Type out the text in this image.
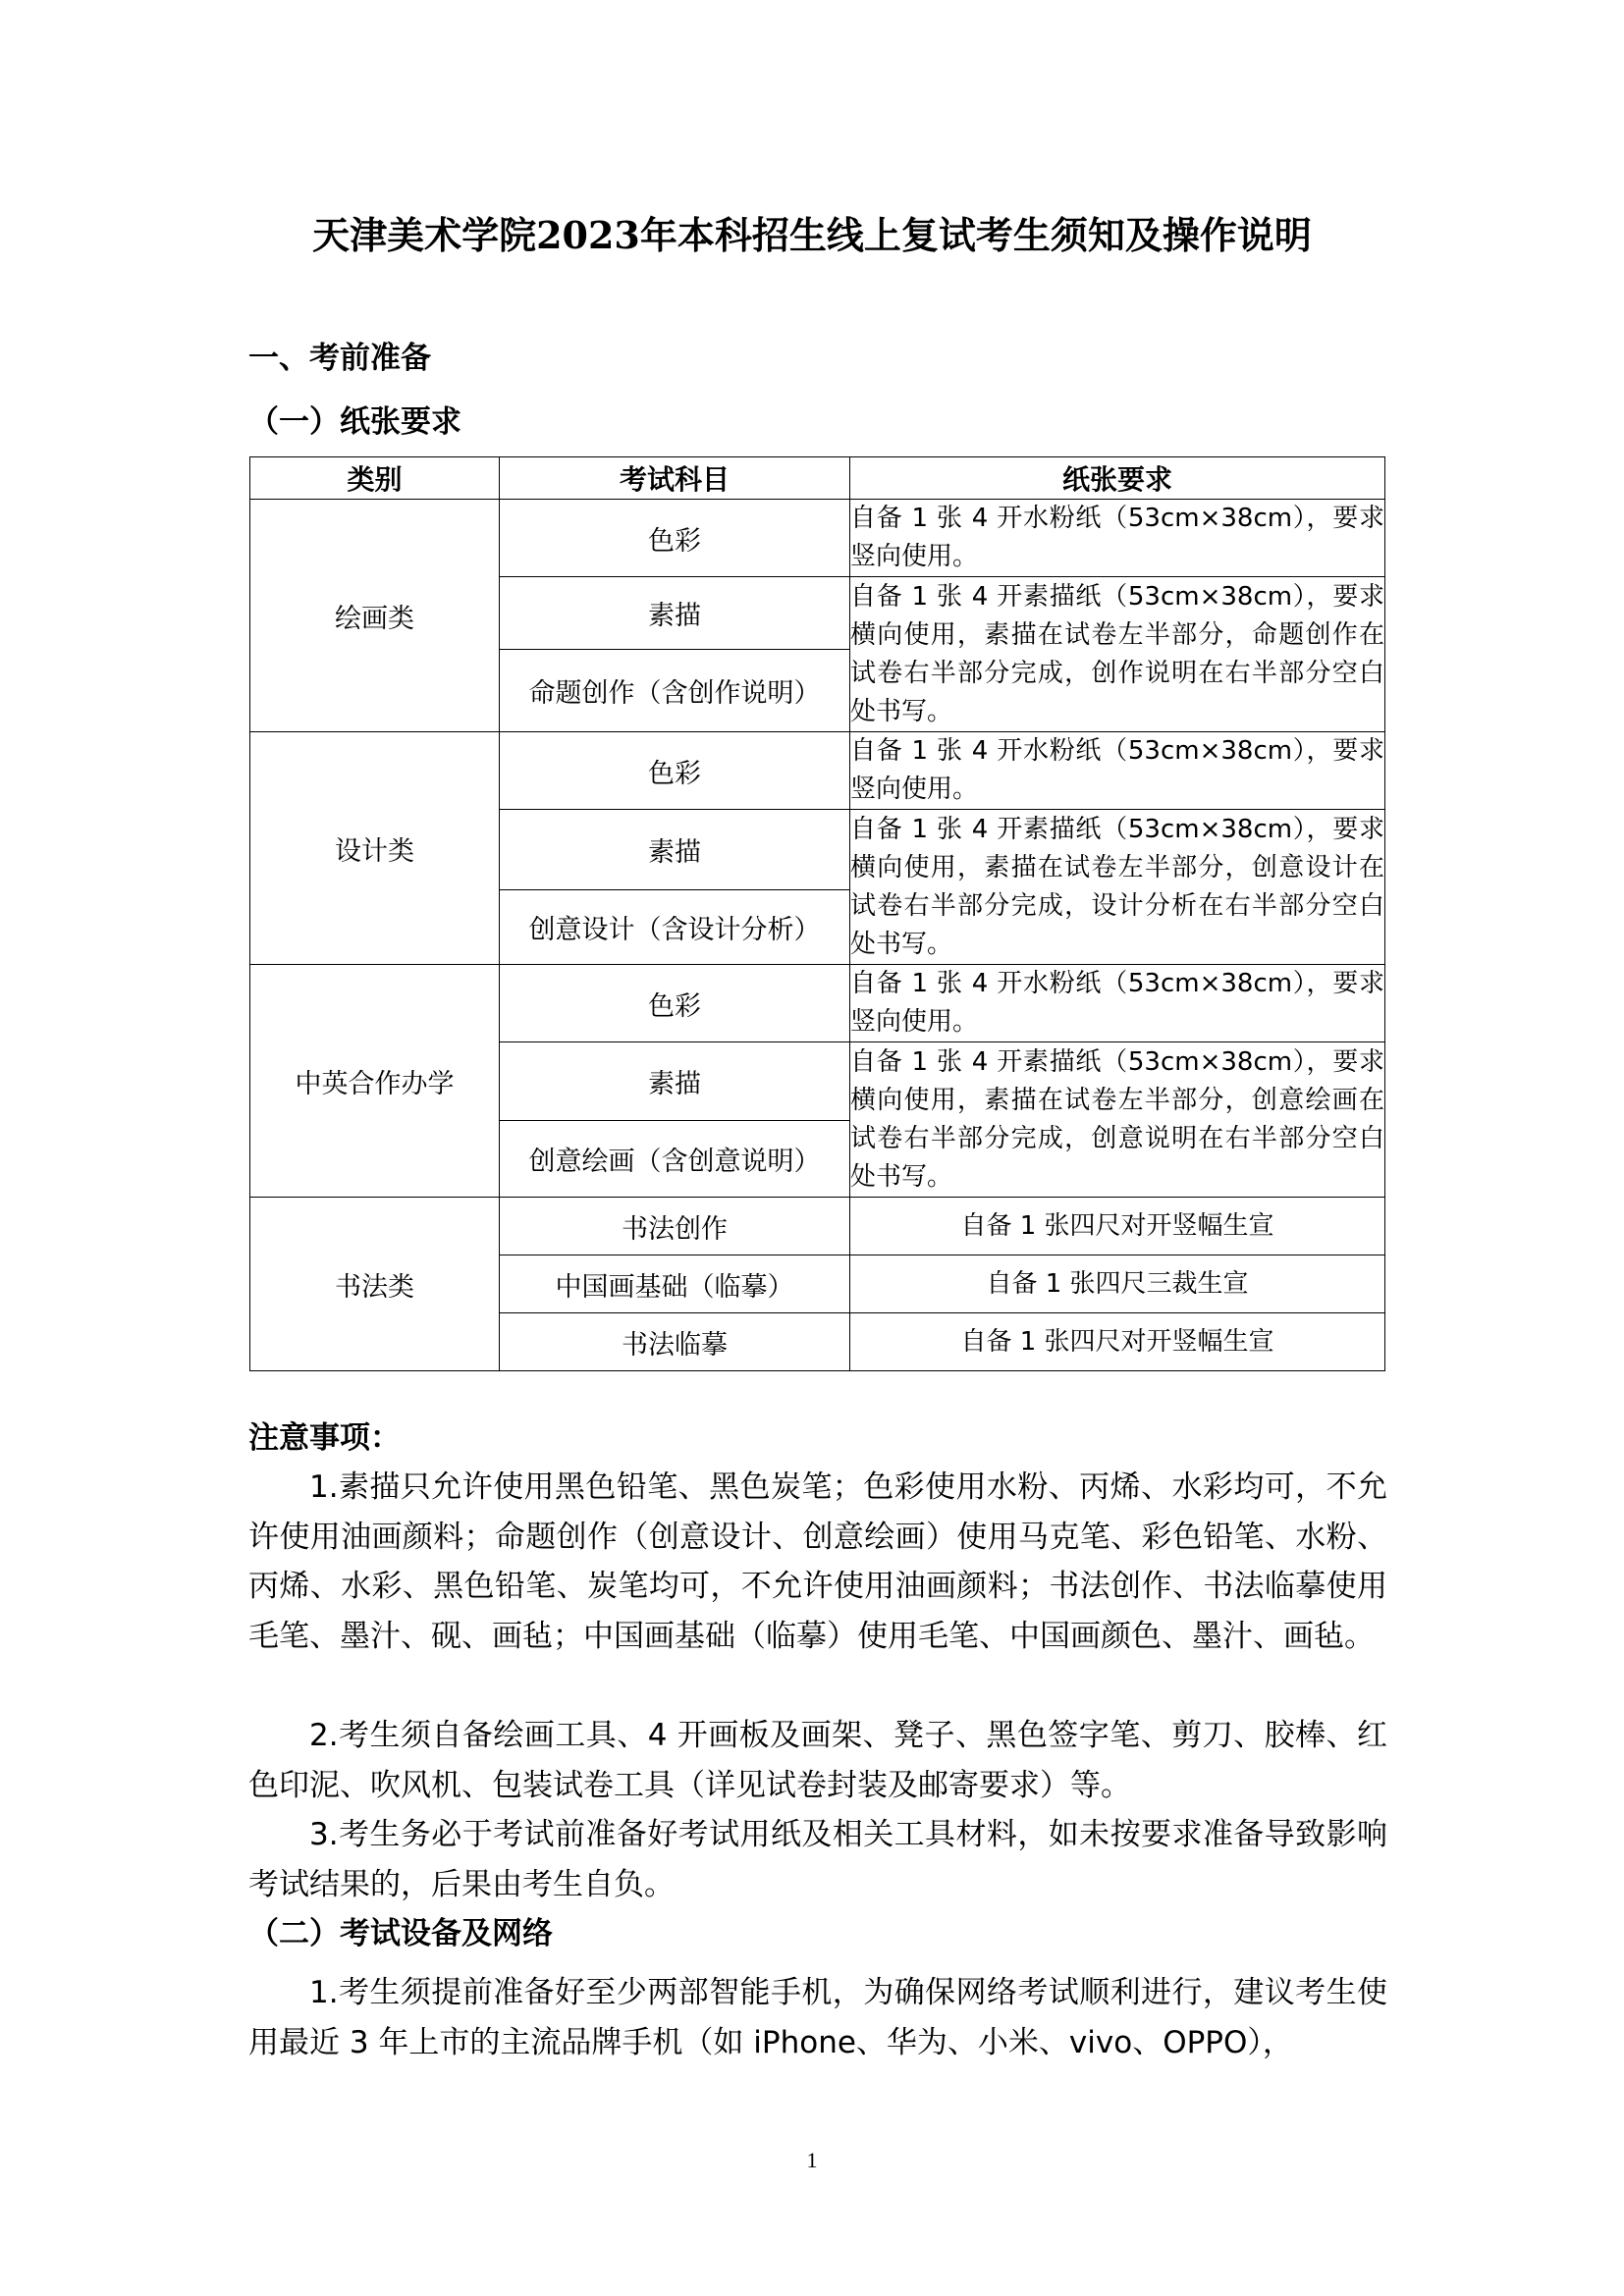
天津美术学院2023年本科招生线上复试考生须知及操作说明
一、考前准备
（一）纸张要求
类别	考试科目	纸张要求
绘画类	色彩	自备 1 张 4 开水粉纸（53cm×38cm），要求竖向使用。
	素描	自备 1 张 4 开素描纸（53cm×38cm），要求横向使用，素描在试卷左半部分，命题创作在试卷右半部分完成，创作说明在右半部分空白处书写。
	命题创作（含创作说明）	
设计类	色彩	自备 1 张 4 开水粉纸（53cm×38cm），要求竖向使用。
	素描	自备 1 张 4 开素描纸（53cm×38cm），要求横向使用，素描在试卷左半部分，创意设计在试卷右半部分完成，设计分析在右半部分空白处书写。
	创意设计（含设计分析）	
中英合作办学	色彩	自备 1 张 4 开水粉纸（53cm×38cm），要求竖向使用。
	素描	自备 1 张 4 开素描纸（53cm×38cm），要求横向使用，素描在试卷左半部分，创意绘画在试卷右半部分完成，创意说明在右半部分空白处书写。
	创意绘画（含创意说明）	
书法类	书法创作	自备 1 张四尺对开竖幅生宣
	中国画基础（临摹）	自备 1 张四尺三裁生宣
	书法临摹	自备 1 张四尺对开竖幅生宣
注意事项：

1.素描只允许使用黑色铅笔、黑色炭笔；色彩使用水粉、丙烯、水彩均可，不允许使用油画颜料；命题创作（创意设计、创意绘画）使用马克笔、彩色铅笔、水粉、丙烯、水彩、黑色铅笔、炭笔均可，不允许使用油画颜料；书法创作、书法临摹使用毛笔、墨汁、砚、画毡；中国画基础（临摹）使用毛笔、中国画颜色、墨汁、画毡。

2.考生须自备绘画工具、4 开画板及画架、凳子、黑色签字笔、剪刀、胶棒、红色印泥、吹风机、包装试卷工具（详见试卷封装及邮寄要求）等。

3.考生务必于考试前准备好考试用纸及相关工具材料，如未按要求准备导致影响考试结果的，后果由考生自负。

（二）考试设备及网络

1.考生须提前准备好至少两部智能手机，为确保网络考试顺利进行，建议考生使用最近 3 年上市的主流品牌手机（如 iPhone、华为、小米、vivo、OPPO），

1
